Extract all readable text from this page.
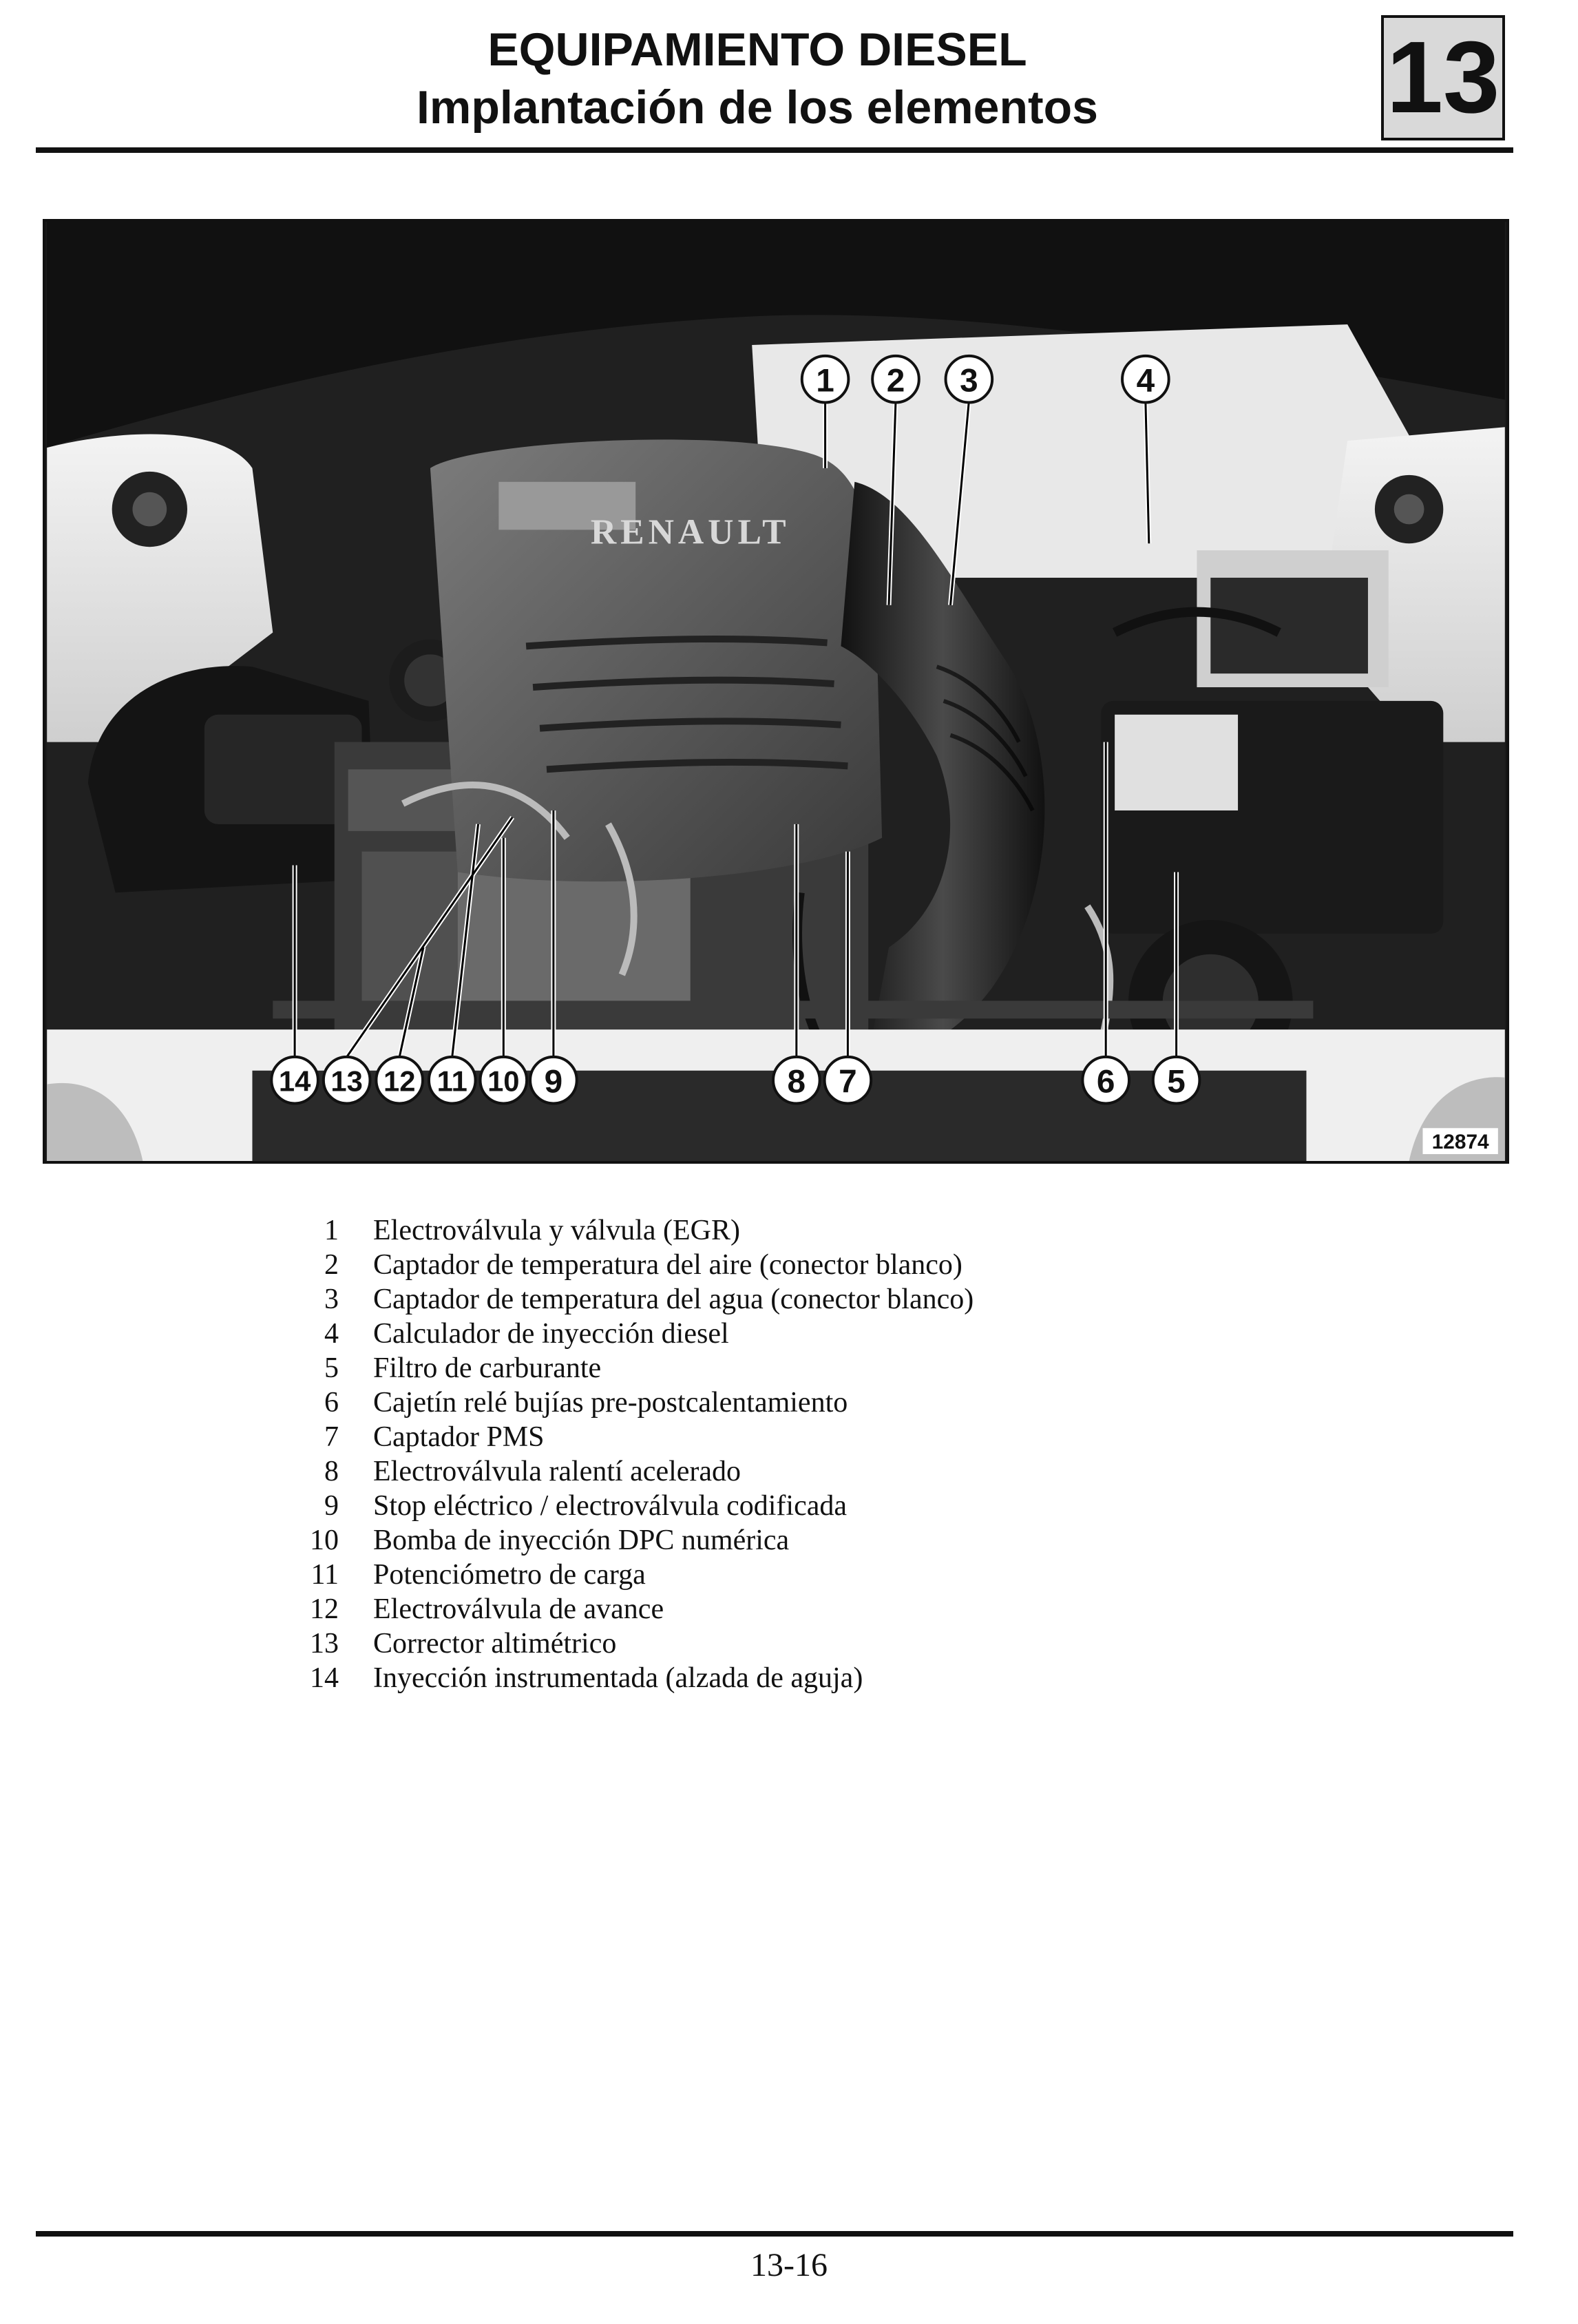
EQUIPAMIENTO DIESEL
Implantación de los elementos	13
RENAULT
12874
1 2 3	4
5
6
7
8
9
10
11
12
13
14
1	Electroválvula y válvula (EGR)
2	Captador de temperatura del aire (conector blanco)
3	Captador de temperatura del agua (conector blanco)
4	Calculador de inyección diesel
5	Filtro de carburante
6	Cajetín relé bujías pre-postcalentamiento
7	Captador PMS
8	Electroválvula ralentí acelerado
9	Stop eléctrico / electroválvula codificada
10	Bomba de inyección DPC numérica
11	Potenciómetro de carga
12	Electroválvula de avance
13	Corrector altimétrico
14	Inyección instrumentada (alzada de aguja)
13-16
